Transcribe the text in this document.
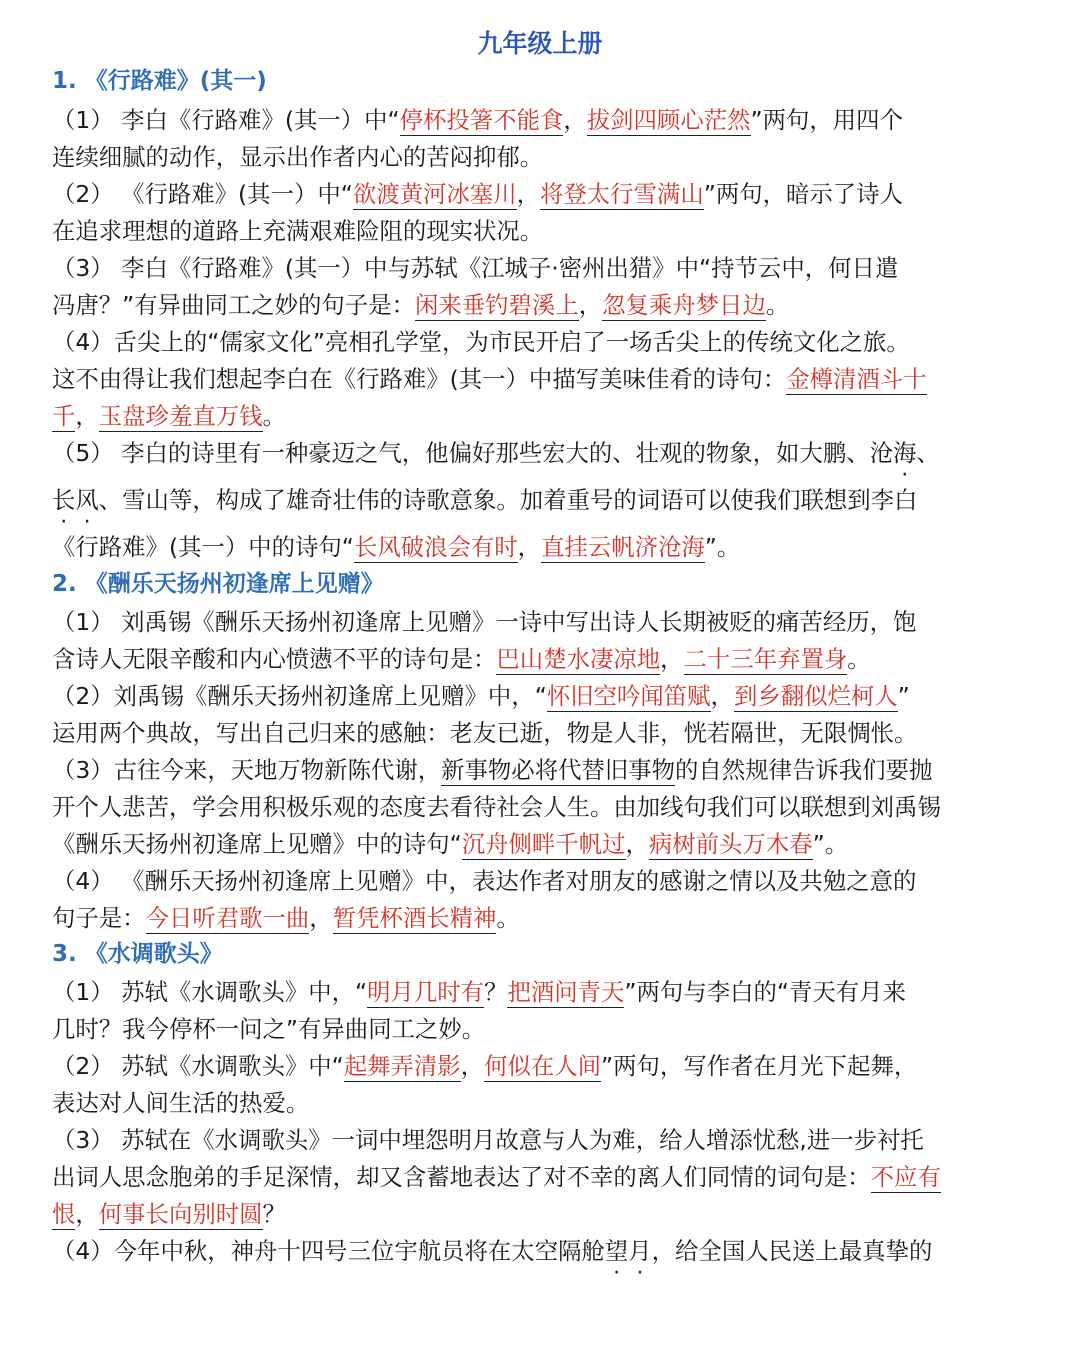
九年级上册
1. 《行路难》(其一)
（1） 李白《行路难》(其一）中“停杯投箸不能食，拔剑四顾心茫然”两句，用四个
连续细腻的动作，显示出作者内心的苦闷抑郁。
（2） 《行路难》(其一）中“欲渡黄河冰塞川，将登太行雪满山”两句，暗示了诗人
在追求理想的道路上充满艰难险阻的现实状况。
（3） 李白《行路难》(其一）中与苏轼《江城子·密州出猎》中“持节云中，何日遣
冯唐？”有异曲同工之妙的句子是：闲来垂钓碧溪上，忽复乘舟梦日边。
（4）舌尖上的“儒家文化”亮相孔学堂，为市民开启了一场舌尖上的传统文化之旅。
这不由得让我们想起李白在《行路难》(其一）中描写美味佳肴的诗句：金樽清酒斗十
千，玉盘珍羞直万钱。
（5） 李白的诗里有一种豪迈之气，他偏好那些宏大的、壮观的物象，如大鹏、沧海、
长风、雪山等，构成了雄奇壮伟的诗歌意象。加着重号的词语可以使我们联想到李白
《行路难》(其一）中的诗句“长风破浪会有时，直挂云帆济沧海”。
2. 《酬乐天扬州初逢席上见赠》
（1） 刘禹锡《酬乐天扬州初逢席上见赠》一诗中写出诗人长期被贬的痛苦经历，饱
含诗人无限辛酸和内心愤懑不平的诗句是：巴山楚水凄凉地，二十三年弃置身。
（2）刘禹锡《酬乐天扬州初逢席上见赠》中，“怀旧空吟闻笛赋，到乡翻似烂柯人”
运用两个典故，写出自己归来的感触：老友已逝，物是人非，恍若隔世，无限惆怅。
（3）古往今来，天地万物新陈代谢，新事物必将代替旧事物的自然规律告诉我们要抛
开个人悲苦，学会用积极乐观的态度去看待社会人生。由加线句我们可以联想到刘禹锡
《酬乐天扬州初逢席上见赠》中的诗句“沉舟侧畔千帆过，病树前头万木春”。
（4） 《酬乐天扬州初逢席上见赠》中，表达作者对朋友的感谢之情以及共勉之意的
句子是：今日听君歌一曲，暂凭杯酒长精神。
3. 《水调歌头》
（1） 苏轼《水调歌头》中，“明月几时有？把酒问青天”两句与李白的“青天有月来
几时？我今停杯一问之”有异曲同工之妙。
（2） 苏轼《水调歌头》中“起舞弄清影，何似在人间”两句，写作者在月光下起舞，
表达对人间生活的热爱。
（3） 苏轼在《水调歌头》一词中埋怨明月故意与人为难，给人增添忧愁,进一步衬托
出词人思念胞弟的手足深情，却又含蓄地表达了对不幸的离人们同情的词句是：不应有
恨，何事长向别时圆？
（4）今年中秋，神舟十四号三位宇航员将在太空隔舱望月，给全国人民送上最真挚的
